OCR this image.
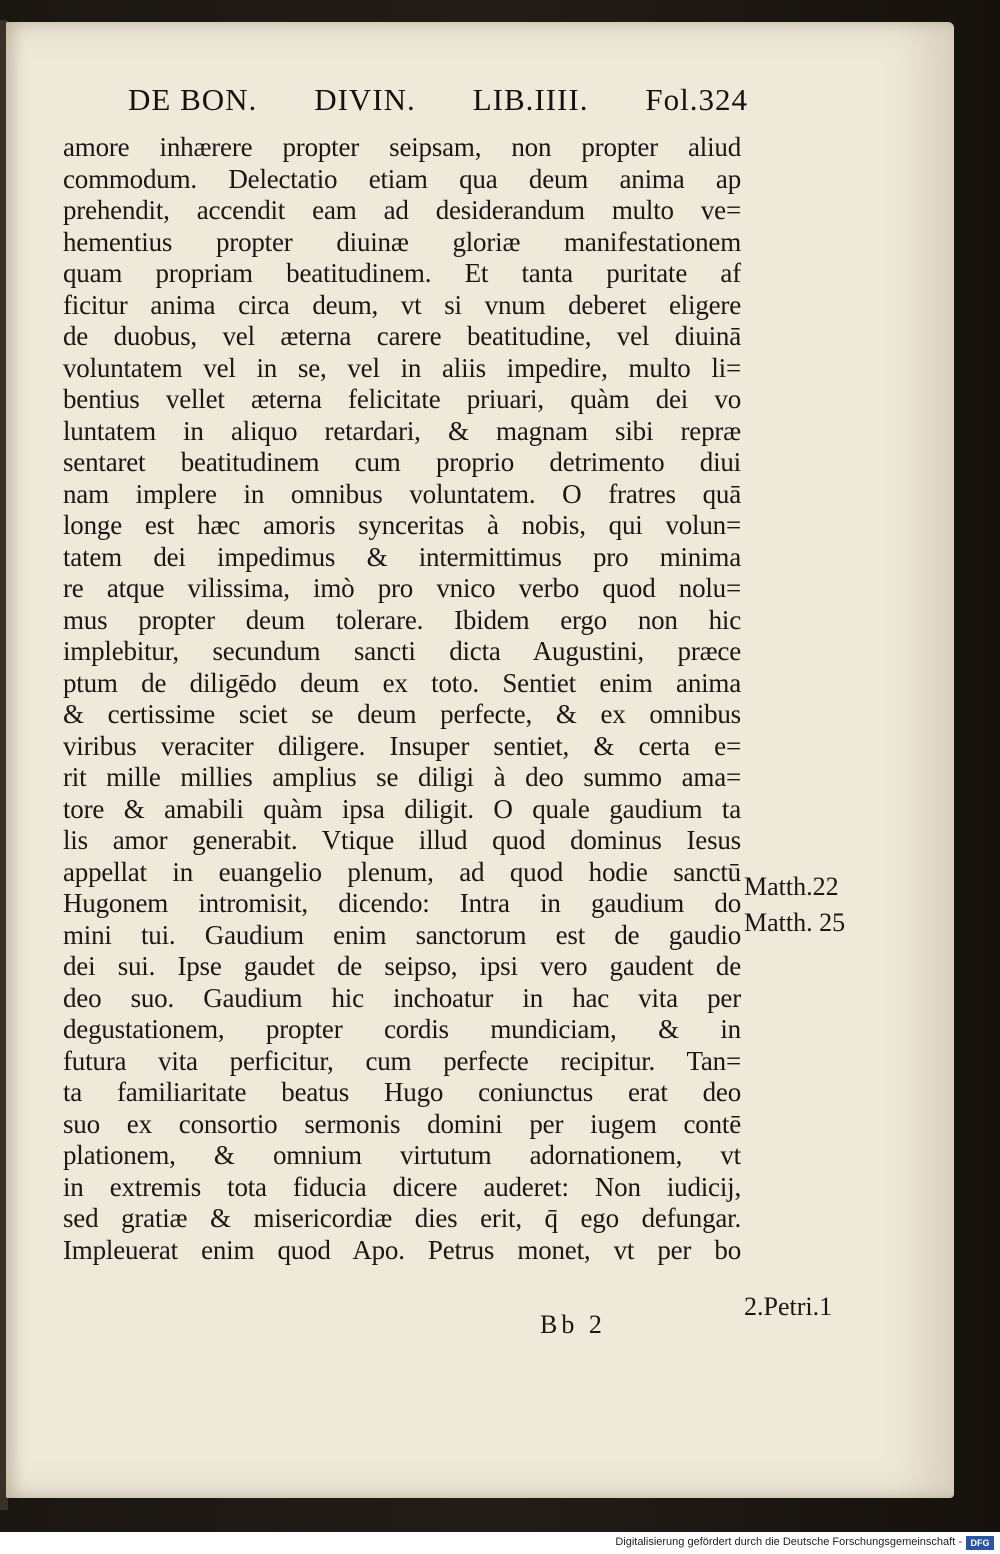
DE BON. DIVIN. LIB.IIII. Fol.324
amore inhærere propter seipsam, non propter aliud
commodum. Delectatio etiam qua deum anima ap
prehendit, accendit eam ad desiderandum multo ve=
hementius propter diuinæ gloriæ manifestationem
quam propriam beatitudinem. Et tanta puritate af
ficitur anima circa deum, vt si vnum deberet eligere
de duobus, vel æterna carere beatitudine, vel diuinā
voluntatem vel in se, vel in aliis impedire, multo li=
bentius vellet æterna felicitate priuari, quàm dei vo
luntatem in aliquo retardari, & magnam sibi repræ
sentaret beatitudinem cum proprio detrimento diui
nam implere in omnibus voluntatem. O fratres quā
longe est hæc amoris synceritas à nobis, qui volun=
tatem dei impedimus & intermittimus pro minima
re atque vilissima, imò pro vnico verbo quod nolu=
mus propter deum tolerare. Ibidem ergo non hic
implebitur, secundum sancti dicta Augustini, præce
ptum de diligēdo deum ex toto. Sentiet enim anima
& certissime sciet se deum perfecte, & ex omnibus
viribus veraciter diligere. Insuper sentiet, & certa e=
rit mille millies amplius se diligi à deo summo ama=
tore & amabili quàm ipsa diligit. O quale gaudium ta
lis amor generabit. Vtique illud quod dominus Iesus
appellat in euangelio plenum, ad quod hodie sanctū
Hugonem intromisit, dicendo: Intra in gaudium do
mini tui. Gaudium enim sanctorum est de gaudio
dei sui. Ipse gaudet de seipso, ipsi vero gaudent de
deo suo. Gaudium hic inchoatur in hac vita per
degustationem, propter cordis mundiciam, & in
futura vita perficitur, cum perfecte recipitur. Tan=
ta familiaritate beatus Hugo coniunctus erat deo
suo ex consortio sermonis domini per iugem contē
plationem, & omnium virtutum adornationem, vt
in extremis tota fiducia dicere auderet: Non iudicij,
sed gratiæ & misericordiæ dies erit, q̄ ego defungar.
Impleuerat enim quod Apo. Petrus monet, vt per bo
Matth.22
Matth. 25
2.Petri.1
Bb 2
Digitalisierung gefördert durch die Deutsche Forschungsgemeinschaft - DFG
